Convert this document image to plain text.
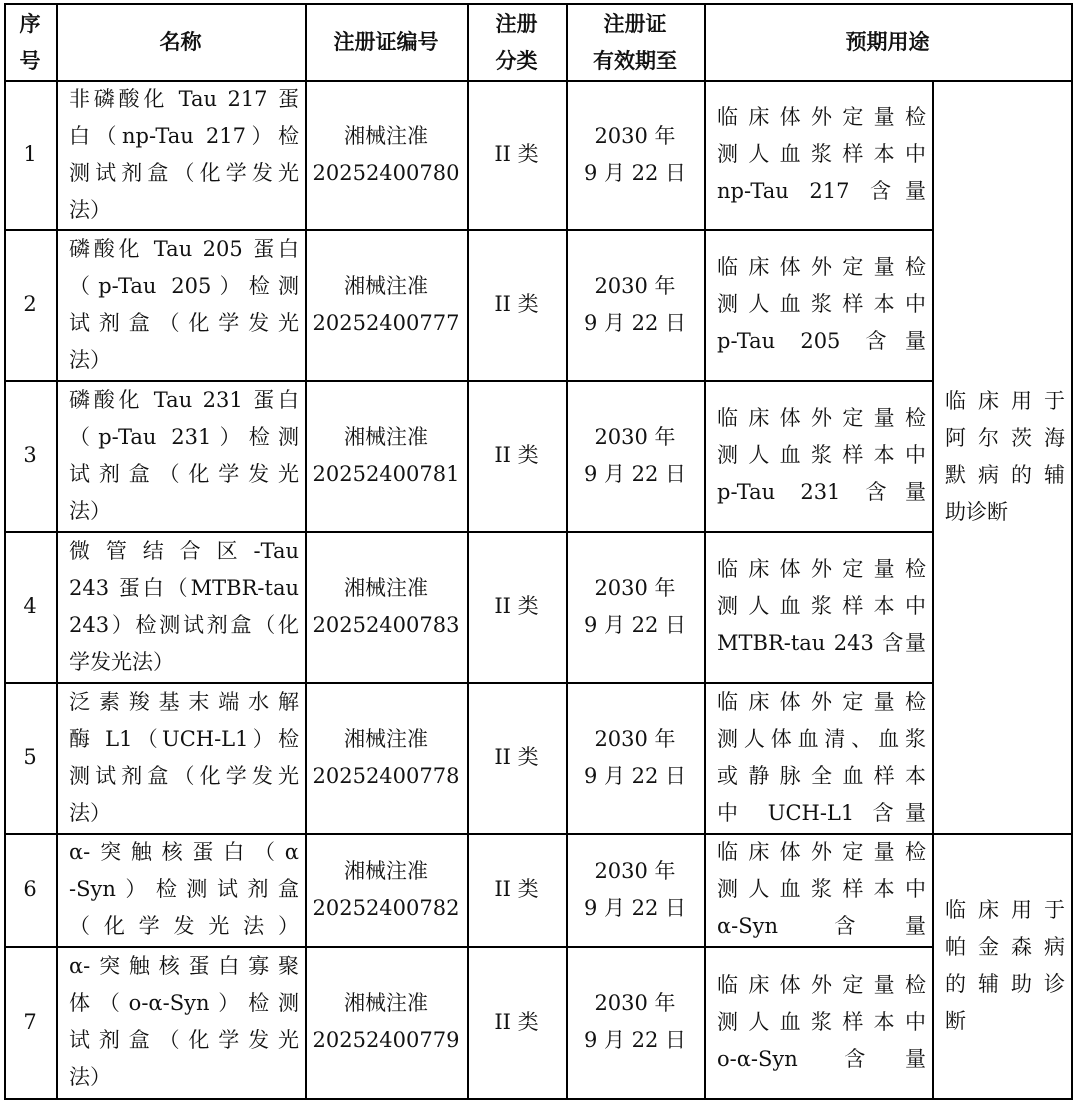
序
号
名称	注册证编号
注册
分类
注册证
有效期至
预期用途
1
非磷酸化 Tau 217 蛋
白（np-Tau 217）检
测试剂盒（化学发光
法）
湘械注准
20252400780
II 类
2030 年
9 月 22 日
临床体外定量检
测人血浆样本中
np-Tau 217 含量
2
磷酸化 Tau 205 蛋白
（p-Tau 205）检测
试剂盒（化学发光
法）
湘械注准
20252400777
II 类
2030 年
9 月 22 日
临床体外定量检
测人血浆样本中
p-Tau 205 含量
3
磷酸化 Tau 231 蛋白
（p-Tau 231）检测
试剂盒（化学发光
法）
湘械注准
20252400781
II 类
2030 年
9 月 22 日
临床体外定量检
测人血浆样本中
p-Tau 231 含量
4
微管结合区-Tau
243 蛋白（MTBR-tau
243）检测试剂盒（化
学发光法）
湘械注准
20252400783
II 类
2030 年
9 月 22 日
临床体外定量检
测人血浆样本中
MTBR-tau 243 含量
5
泛素羧基末端水解
酶 L1（UCH-L1）检
测试剂盒（化学发光
法）
湘械注准
20252400778
II 类
2030 年
9 月 22 日
临床体外定量检
测人体血清、血浆
或静脉全血样本
中 UCH-L1 含量
6
α-突触核蛋白（α
-Syn）检测试剂盒
（化学发光法）
湘械注准
20252400782
II 类
2030 年
9 月 22 日
临床体外定量检
测人血浆样本中
α-Syn 含量
7
α-突触核蛋白寡聚
体（o-α-Syn）检测
试剂盒（化学发光
法）
湘械注准
20252400779
II 类
2030 年
9 月 22 日
临床体外定量检
测人血浆样本中
o-α-Syn 含量
临床用于
阿尔茨海
默病的辅
助诊断
临床用于
帕金森病
的辅助诊
断
